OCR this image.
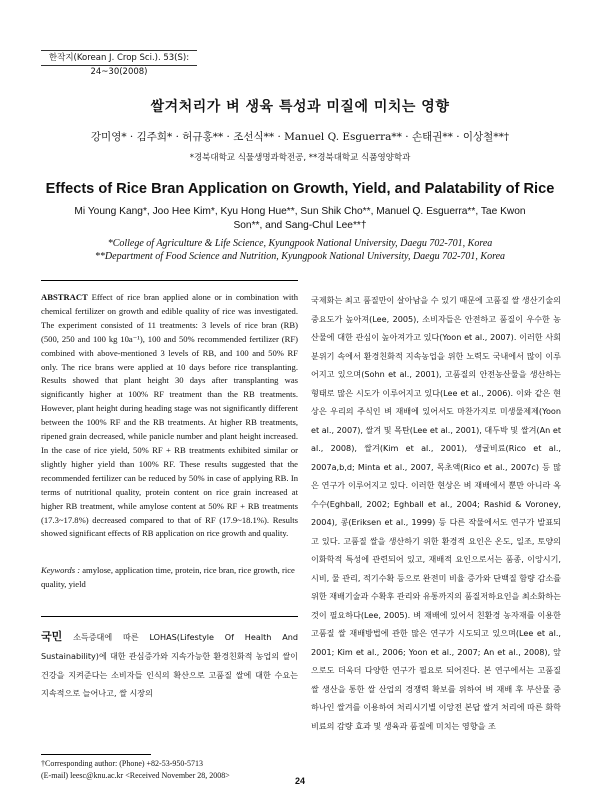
한작지(Korean J. Crop Sci.). 53(S): 24~30(2008)
쌀겨처리가 벼 생육 특성과 미질에 미치는 영향
강미영* · 김주희* · 허규홍** · 조선식** · Manuel Q. Esguerra** · 손태권** · 이상철**†
*경북대학교 식물생명과학전공, **경북대학교 식품영양학과
Effects of Rice Bran Application on Growth, Yield, and Palatability of Rice
Mi Young Kang*, Joo Hee Kim*, Kyu Hong Hue**, Sun Shik Cho**, Manuel Q. Esguerra**, Tae Kwon Son**, and Sang-Chul Lee**†
*College of Agriculture & Life Science, Kyungpook National University, Daegu 702-701, Korea
**Department of Food Science and Nutrition, Kyungpook National University, Daegu 702-701, Korea
ABSTRACT Effect of rice bran applied alone or in combination with chemical fertilizer on growth and edible quality of rice was investigated. The experiment consisted of 11 treatments: 3 levels of rice bran (RB) (500, 250 and 100 kg 10a⁻¹), 100 and 50% recommended fertilizer (RF) combined with above-mentioned 3 levels of RB, and 100 and 50% RF only. The rice brans were applied at 10 days before rice transplanting. Results showed that plant height 30 days after transplanting was significantly higher at 100% RF treatment than the RB treatments. However, plant height during heading stage was not significantly different between the 100% RF and the RB treatments. At higher RB treatments, ripened grain decreased, while panicle number and plant height increased. In the case of rice yield, 50% RF + RB treatments exhibited similar or slightly higher yield than 100% RF. These results suggested that the recommended fertilizer can be reduced by 50% in case of applying RB. In terms of nutritional quality, protein content on rice grain increased at higher RB treatment, while amylose content at 50% RF + RB treatments (17.3~17.8%) decreased compared to that of RF (17.9~18.1%). Results showed significant effects of RB application on rice growth and quality.
Keywords : amylose, application time, protein, rice bran, rice growth, rice quality, yield
국민 소득증대에 따른 LOHAS(Lifestyle Of Health And Sustainability)에 대한 관심증가와 지속가능한 환경친화적 농업의 쌀이 건강을 지켜준다는 소비자들 인식의 확산으로 고품질 쌀에 대한 수요는 지속적으로 늘어나고, 쌀 시장의
†Corresponding author: (Phone) +82-53-950-5713
(E-mail) leesc@knu.ac.kr <Received November 28, 2008>
국제화는 최고 품질만이 살아남을 수 있기 때문에 고품질 쌀 생산기술의 중요도가 높아져(Lee, 2005), 소비자들은 안전하고 품질이 우수한 농산물에 대한 관심이 높아져가고 있다(Yoon et al., 2007). 이러한 사회분위기 속에서 환경친화적 지속농업을 위한 노력도 국내에서 많이 이루어지고 있으며(Sohn et al., 2001), 고품질의 안전농산물을 생산하는 형태로 많은 시도가 이루어지고 있다(Lee et al., 2006). 이와 같은 현상은 우리의 주식인 벼 재배에 있어서도 마찬가지로 미생물제제(Yoon et al., 2007), 쌀겨 및 목탄(Lee et al., 2001), 대두박 및 쌀겨(An et al., 2008), 쌀겨(Kim et al., 2001), 생굴비료(Rico et al., 2007a,b,d; Minta et al., 2007, 목초액(Rico et al., 2007c) 등 많은 연구가 이루어지고 있다. 이러한 현상은 벼 재배에서 뿐만 아니라 옥수수(Eghball, 2002; Eghball et al., 2004; Rashid & Voroney, 2004), 콩(Eriksen et al., 1999) 등 다른 작물에서도 연구가 발표되고 있다. 고품질 쌀을 생산하기 위한 환경적 요인은 온도, 일조, 토양의 이화학적 특성에 관련되어 있고, 재배적 요인으로서는 품종, 이앙시기, 시비, 물 관리, 적기수확 등으로 완전미 비율 증가와 단백질 함량 감소를 위한 재배기술과 수확후 관리와 유통까지의 품질저하요인을 최소화하는 것이 필요하다(Lee, 2005). 벼 재배에 있어서 친환경 농자재를 이용한 고품질 쌀 재배방법에 관한 많은 연구가 시도되고 있으며(Lee et al., 2001; Kim et al., 2006; Yoon et al., 2007; An et al., 2008), 앞으로도 더욱더 다양한 연구가 필요로 되어진다. 본 연구에서는 고품질 쌀 생산을 통한 쌀 산업의 경쟁력 확보를 위하여 벼 재배 후 부산물 중 하나인 쌀겨를 이용하여 처리시기별 이앙전 본답 쌀겨 처리에 따른 화학비료의 감량 효과 및 생육과 품질에 미치는 영향을 조
24
